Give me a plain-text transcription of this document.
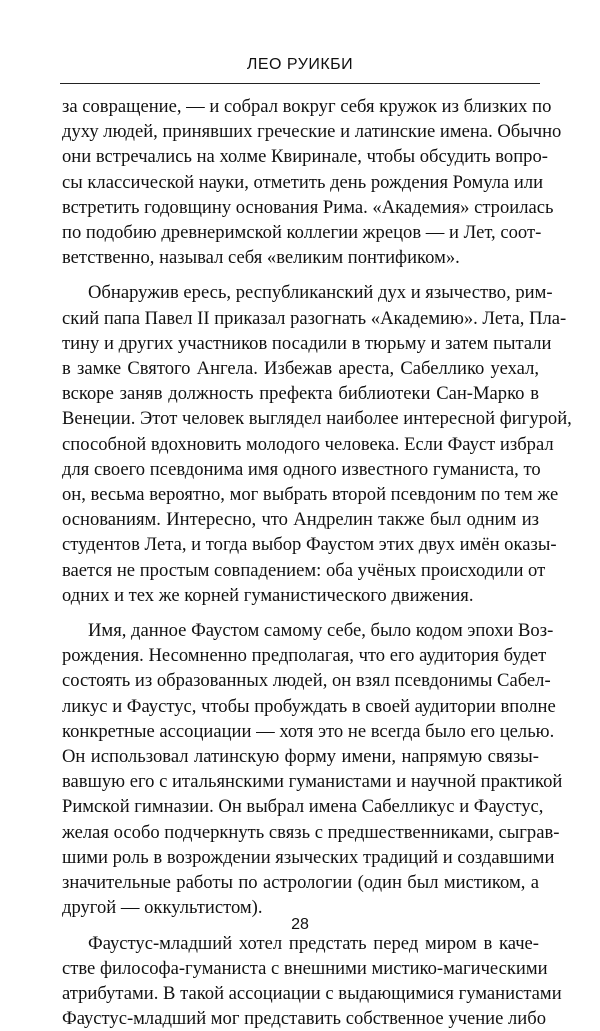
ЛЕО РУИКБИ
за совращение, — и собрал вокруг себя кружок из близких по
духу людей, принявших греческие и латинские имена. Обычно
они встречались на холме Квиринале, чтобы обсудить вопро-
сы классической науки, отметить день рождения Ромула или
встретить годовщину основания Рима. «Академия» строилась
по подобию древнеримской коллегии жрецов — и Лет, соот-
ветственно, называл себя «великим понтификом».
Обнаружив ересь, республиканский дух и язычество, рим-
ский папа Павел II приказал разогнать «Академию». Лета, Пла-
тину и других участников посадили в тюрьму и затем пытали
в замке Святого Ангела. Избежав ареста, Сабеллико уехал,
вскоре заняв должность префекта библиотеки Сан-Марко в
Венеции. Этот человек выглядел наиболее интересной фигурой,
способной вдохновить молодого человека. Если Фауст избрал
для своего псевдонима имя одного известного гуманиста, то
он, весьма вероятно, мог выбрать второй псевдоним по тем же
основаниям. Интересно, что Андрелин также был одним из
студентов Лета, и тогда выбор Фаустом этих двух имён оказы-
вается не простым совпадением: оба учёных происходили от
одних и тех же корней гуманистического движения.
Имя, данное Фаустом самому себе, было кодом эпохи Воз-
рождения. Несомненно предполагая, что его аудитория будет
состоять из образованных людей, он взял псевдонимы Сабел-
ликус и Фаустус, чтобы пробуждать в своей аудитории вполне
конкретные ассоциации — хотя это не всегда было его целью.
Он использовал латинскую форму имени, напрямую связы-
вавшую его с итальянскими гуманистами и научной практикой
Римской гимназии. Он выбрал имена Сабелликус и Фаустус,
желая особо подчеркнуть связь с предшественниками, сыграв-
шими роль в возрождении языческих традиций и создавшими
значительные работы по астрологии (один был мистиком, а
другой — оккультистом).
Фаустус-младший хотел предстать перед миром в каче-
стве философа-гуманиста с внешними мистико-магическими
атрибутами. В такой ассоциации с выдающимися гуманистами
Фаустус-младший мог представить собственное учение либо
28
